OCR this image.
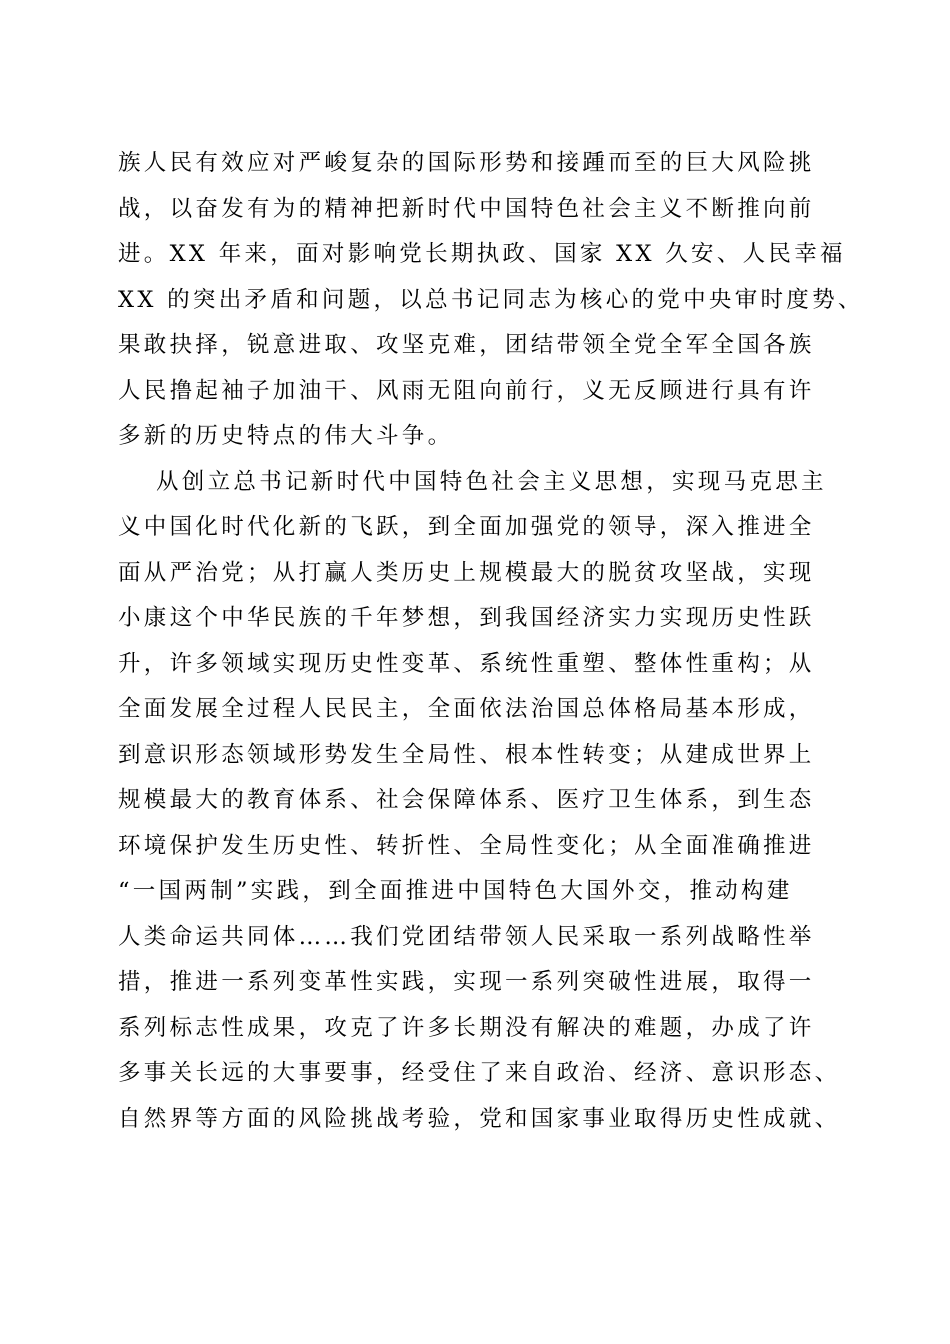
族人民有效应对严峻复杂的国际形势和接踵而至的巨大风险挑
战，以奋发有为的精神把新时代中国特色社会主义不断推向前
进。XX 年来，面对影响党长期执政、国家 XX 久安、人民幸福
XX 的突出矛盾和问题，以总书记同志为核心的党中央审时度势、
果敢抉择，锐意进取、攻坚克难，团结带领全党全军全国各族
人民撸起袖子加油干、风雨无阻向前行，义无反顾进行具有许
多新的历史特点的伟大斗争。
从创立总书记新时代中国特色社会主义思想，实现马克思主
义中国化时代化新的飞跃，到全面加强党的领导，深入推进全
面从严治党；从打赢人类历史上规模最大的脱贫攻坚战，实现
小康这个中华民族的千年梦想，到我国经济实力实现历史性跃
升，许多领域实现历史性变革、系统性重塑、整体性重构；从
全面发展全过程人民民主，全面依法治国总体格局基本形成，
到意识形态领域形势发生全局性、根本性转变；从建成世界上
规模最大的教育体系、社会保障体系、医疗卫生体系，到生态
环境保护发生历史性、转折性、全局性变化；从全面准确推进
“一国两制”实践，到全面推进中国特色大国外交，推动构建
人类命运共同体……我们党团结带领人民采取一系列战略性举
措，推进一系列变革性实践，实现一系列突破性进展，取得一
系列标志性成果，攻克了许多长期没有解决的难题，办成了许
多事关长远的大事要事，经受住了来自政治、经济、意识形态、
自然界等方面的风险挑战考验，党和国家事业取得历史性成就、
